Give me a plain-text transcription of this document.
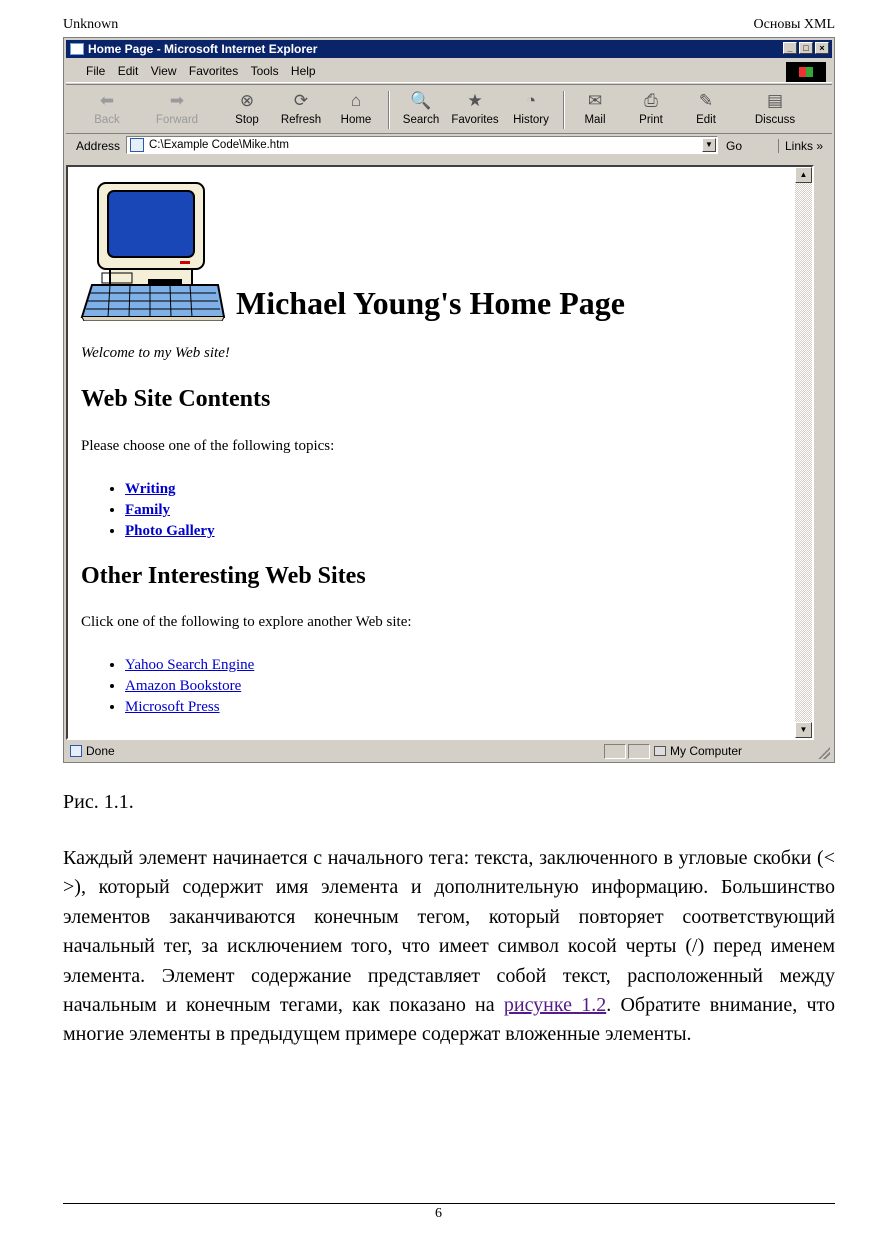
Unknown	Основы XML
Home Page - Microsoft Internet Explorer	_	□	×
File Edit View Favorites Tools Help
⬅
Back
➡
Forward
⊗
Stop
⟳
Refresh
⌂
Home
🔍
Search
★
Favorites
◔
History
✉
Mail
⎙
Print
✎
Edit
▤
Discuss
Address	C:\Example Code\Mike.htm	▼ Go	Links »
Michael Young's Home Page
Welcome to my Web site!
Web Site Contents
Please choose one of the following topics:
• Writing
• Family
• Photo Gallery
Other Interesting Web Sites
Click one of the following to explore another Web site:
• Yahoo Search Engine
• Amazon Bookstore
• Microsoft Press
▲
▼
Done	My Computer
Рис. 1.1.
Каждый элемент начинается с начального тега: текста, заключенного в угловые скобки (< >), который содержит имя элемента и дополнительную информацию. Большинство элементов заканчиваются конечным тегом, который повторяет соответствующий начальный тег, за исключением того, что имеет символ косой черты (/) перед именем элемента. Элемент содержание представляет собой текст, расположенный между начальным и конечным тегами, как показано на рисунке 1.2. Обратите внимание, что многие элементы в предыдущем примере содержат вложенные элементы.
6
